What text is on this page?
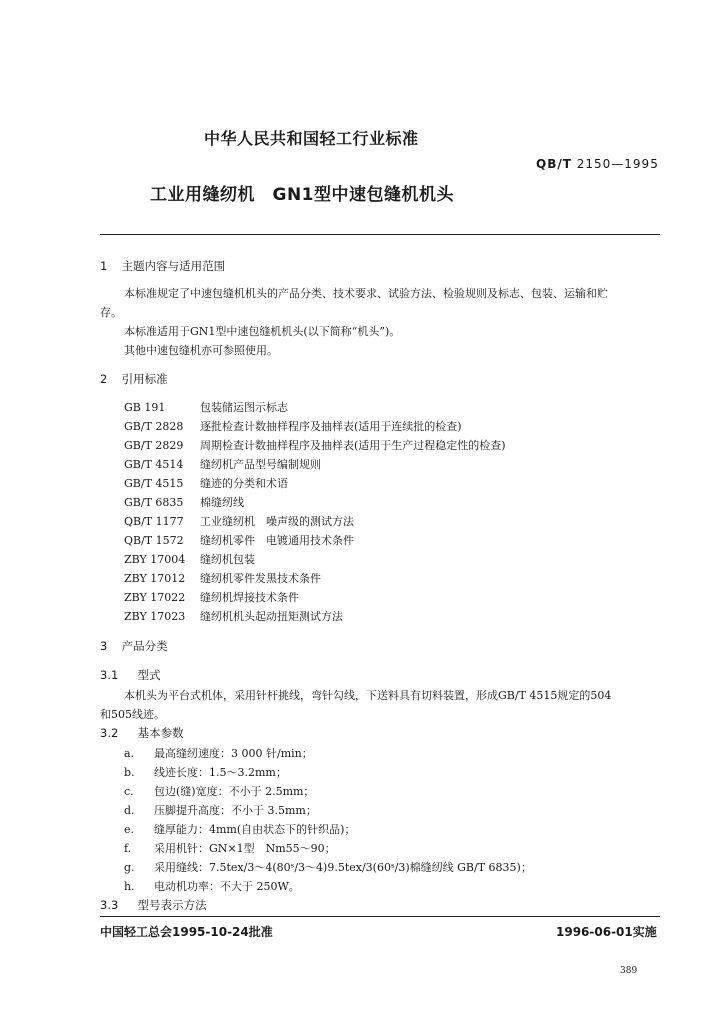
中华人民共和国轻工行业标准
QB/T 2150—1995
工业用缝纫机　GN1型中速包缝机机头
1 主题内容与适用范围
本标准规定了中速包缝机机头的产品分类、技术要求、试验方法、检验规则及标志、包装、运输和贮
存。
本标准适用于GN1型中速包缝机机头(以下简称“机头”)。
其他中速包缝机亦可参照使用。
2 引用标准
GB 191	包装储运图示标志
GB/T 2828 逐批检查计数抽样程序及抽样表(适用于连续批的检查)
GB/T 2829 周期检查计数抽样程序及抽样表(适用于生产过程稳定性的检查)
GB/T 4514 缝纫机产品型号编制规则
GB/T 4515 缝迹的分类和术语
GB/T 6835 棉缝纫线
QB/T 1177 工业缝纫机　噪声级的测试方法
QB/T 1572 缝纫机零件　电镀通用技术条件
ZBY 17004 缝纫机包装
ZBY 17012 缝纫机零件发黑技术条件
ZBY 17022 缝纫机焊接技术条件
ZBY 17023 缝纫机机头起动扭矩测试方法
3 产品分类
3.1 型式
本机头为平台式机体，采用针杆挑线，弯针勾线，下送料具有切料装置，形成GB/T 4515规定的504
和505线迹。
3.2 基本参数
a. 最高缝纫速度：3 000 针/min；
b. 线迹长度：1.5～3.2mm；
c. 包边(缝)宽度：不小于 2.5mm；
d. 压脚提升高度：不小于 3.5mm；
e. 缝厚能力：4mm(自由状态下的针织品)；
f. 采用机针：GN×1型　Nm55～90；
g. 采用缝线：7.5tex/3～4(80ˢ/3～4)9.5tex/3(60ˢ/3)棉缝纫线 GB/T 6835)；
h. 电动机功率：不大于 250W。
3.3 型号表示方法
中国轻工总会1995-10-24批准	1996-06-01实施
389
